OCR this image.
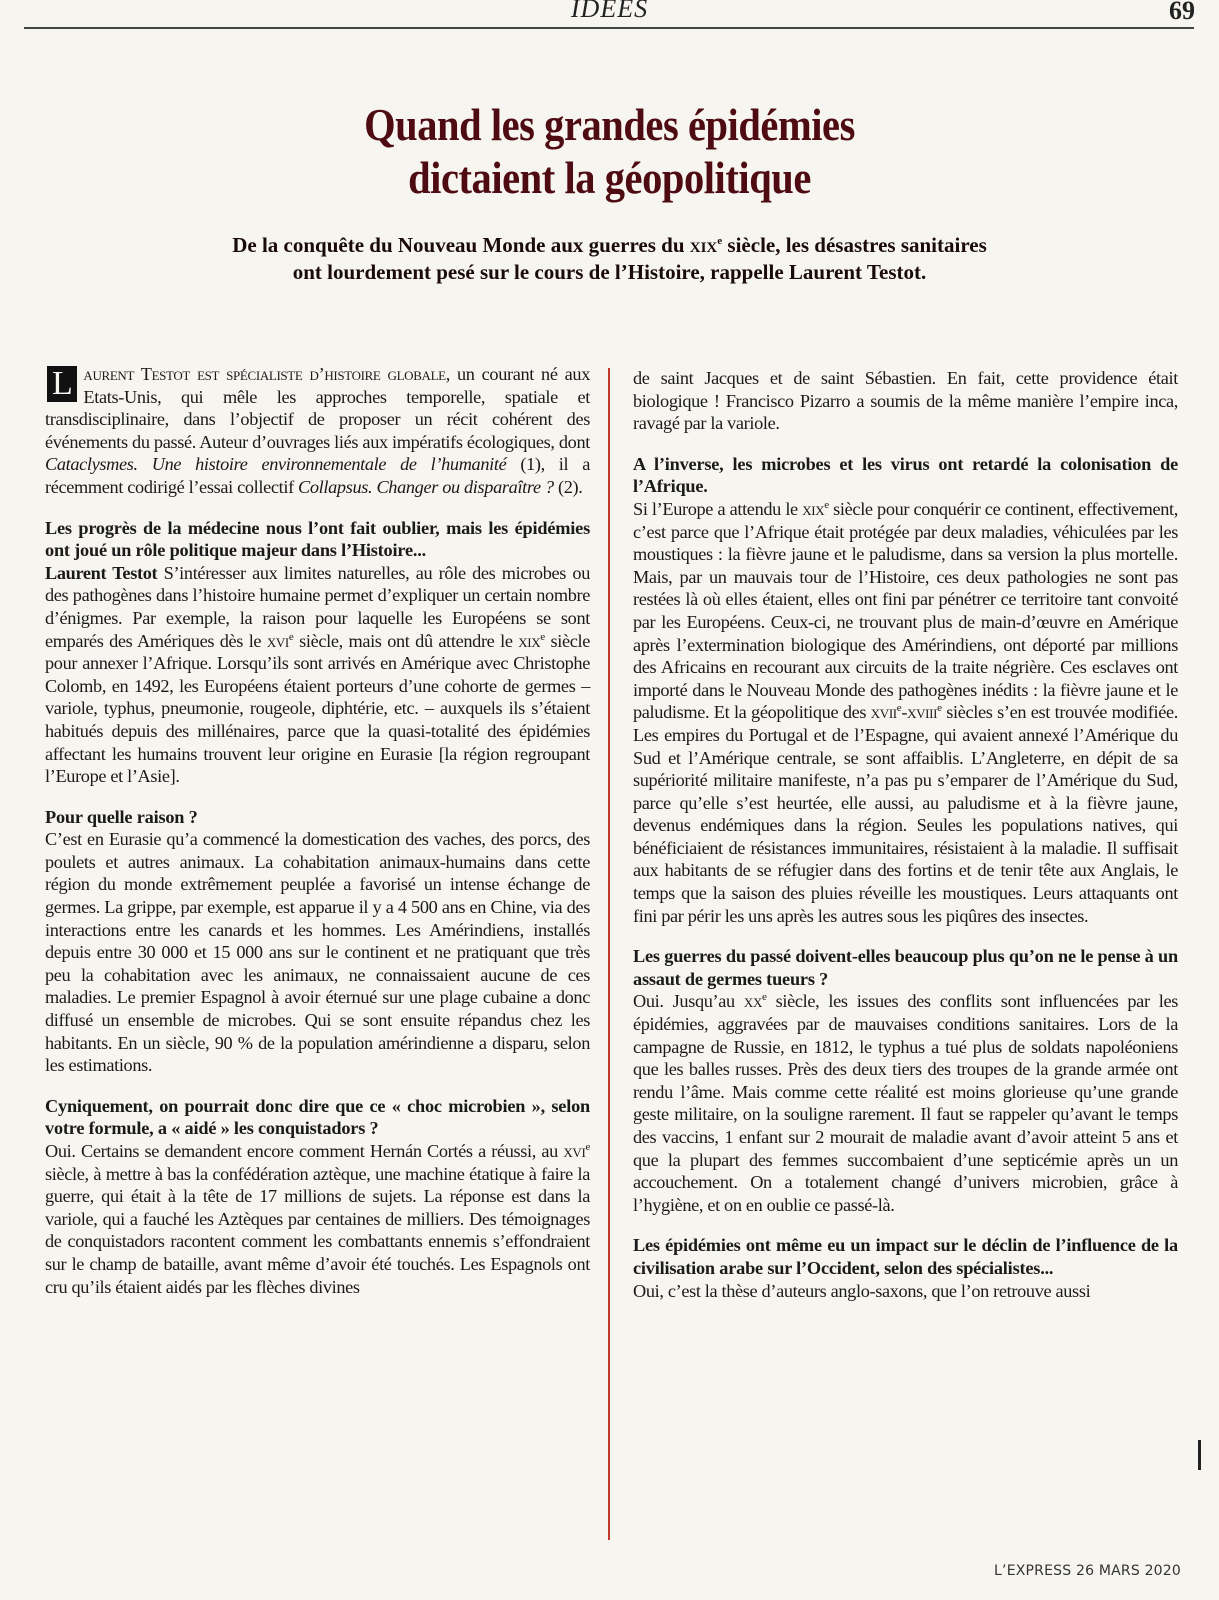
IDEES	69
Quand les grandes épidémies
dictaient la géopolitique
De la conquête du Nouveau Monde aux guerres du xix$^e$ siècle, les désastres sanitaires
ont lourdement pesé sur le cours de l’Histoire, rappelle Laurent Testot.

L aurent Testot est spécialiste d’histoire globale, un courant né aux Etats-Unis, qui mêle les approches temporelle, spatiale et transdisciplinaire, dans l’objectif de proposer un récit cohérent des événements du passé. Auteur d’ouvrages liés aux impératifs écologiques, dont Cataclysmes. Une histoire environnementale de l’humanité (1), il a récemment codirigé l’essai collectif Collapsus. Changer ou disparaître ? (2).

Les progrès de la médecine nous l’ont fait oublier, mais les épidémies ont joué un rôle politique majeur dans l’Histoire...

Laurent Testot S’intéresser aux limites naturelles, au rôle des microbes ou des pathogènes dans l’histoire humaine permet d’expliquer un certain nombre d’énigmes. Par exemple, la raison pour laquelle les Européens se sont emparés des Amériques dès le xvi$^e$ siècle, mais ont dû attendre le xix$^e$ siècle pour annexer l’Afrique. Lorsqu’ils sont arrivés en Amérique avec Christophe Colomb, en 1492, les Européens étaient porteurs d’une cohorte de germes – variole, typhus, pneumonie, rougeole, diphtérie, etc. – auxquels ils s’étaient habitués depuis des millénaires, parce que la quasi-totalité des épidémies affectant les humains trouvent leur origine en Eurasie [la région regroupant l’Europe et l’Asie].

Pour quelle raison ?

C’est en Eurasie qu’a commencé la domestication des vaches, des porcs, des poulets et autres animaux. La cohabitation animaux-humains dans cette région du monde extrêmement peuplée a favorisé un intense échange de germes. La grippe, par exemple, est apparue il y a 4 500 ans en Chine, via des interactions entre les canards et les hommes. Les Amérindiens, installés depuis entre 30 000 et 15 000 ans sur le continent et ne pratiquant que très peu la cohabitation avec les animaux, ne connaissaient aucune de ces maladies. Le premier Espagnol à avoir éternué sur une plage cubaine a donc diffusé un ensemble de microbes. Qui se sont ensuite répandus chez les habitants. En un siècle, 90 % de la population amérindienne a disparu, selon les estimations.

Cyniquement, on pourrait donc dire que ce « choc microbien », selon votre formule, a « aidé » les conquistadors ?

Oui. Certains se demandent encore comment Hernán Cortés a réussi, au xvi$^e$ siècle, à mettre à bas la confédération aztèque, une machine étatique à faire la guerre, qui était à la tête de 17 millions de sujets. La réponse est dans la variole, qui a fauché les Aztèques par centaines de milliers. Des témoignages de conquistadors racontent comment les combattants ennemis s’effondraient sur le champ de bataille, avant même d’avoir été touchés. Les Espagnols ont cru qu’ils étaient aidés par les flèches divines

de saint Jacques et de saint Sébastien. En fait, cette providence était biologique ! Francisco Pizarro a soumis de la même manière l’empire inca, ravagé par la variole.

A l’inverse, les microbes et les virus ont retardé la colonisation de l’Afrique.

Si l’Europe a attendu le xix$^e$ siècle pour conquérir ce continent, effectivement, c’est parce que l’Afrique était protégée par deux maladies, véhiculées par les moustiques : la fièvre jaune et le paludisme, dans sa version la plus mortelle. Mais, par un mauvais tour de l’Histoire, ces deux pathologies ne sont pas restées là où elles étaient, elles ont fini par pénétrer ce territoire tant convoité par les Européens. Ceux-ci, ne trouvant plus de main-d’œuvre en Amérique après l’extermination biologique des Amérindiens, ont déporté par millions des Africains en recourant aux circuits de la traite négrière. Ces esclaves ont importé dans le Nouveau Monde des pathogènes inédits : la fièvre jaune et le paludisme. Et la géopolitique des xvii$^e$-xviii$^e$ siècles s’en est trouvée modifiée. Les empires du Portugal et de l’Espagne, qui avaient annexé l’Amérique du Sud et l’Amérique centrale, se sont affaiblis. L’Angleterre, en dépit de sa supériorité militaire manifeste, n’a pas pu s’emparer de l’Amérique du Sud, parce qu’elle s’est heurtée, elle aussi, au paludisme et à la fièvre jaune, devenus endémiques dans la région. Seules les populations natives, qui bénéficiaient de résistances immunitaires, résistaient à la maladie. Il suffisait aux habitants de se réfugier dans des fortins et de tenir tête aux Anglais, le temps que la saison des pluies réveille les moustiques. Leurs attaquants ont fini par périr les uns après les autres sous les piqûres des insectes.

Les guerres du passé doivent-elles beaucoup plus qu’on ne le pense à un assaut de germes tueurs ?

Oui. Jusqu’au $xx^e$ siècle, les issues des conflits sont influencées par les épidémies, aggravées par de mauvaises conditions sanitaires. Lors de la campagne de Russie, en 1812, le typhus a tué plus de soldats napoléoniens que les balles russes. Près des deux tiers des troupes de la grande armée ont rendu l’âme. Mais comme cette réalité est moins glorieuse qu’une grande geste militaire, on la souligne rarement. Il faut se rappeler qu’avant le temps des vaccins, 1 enfant sur 2 mourait de maladie avant d’avoir atteint 5 ans et que la plupart des femmes succombaient d’une septicémie après un un accouchement. On a totalement changé d’univers microbien, grâce à l’hygiène, et on en oublie ce passé-là.

Les épidémies ont même eu un impact sur le déclin de l’influence de la civilisation arabe sur l’Occident, selon des spécialistes...

Oui, c’est la thèse d’auteurs anglo-saxons, que l’on retrouve aussi

L’EXPRESS 26 MARS 2020
